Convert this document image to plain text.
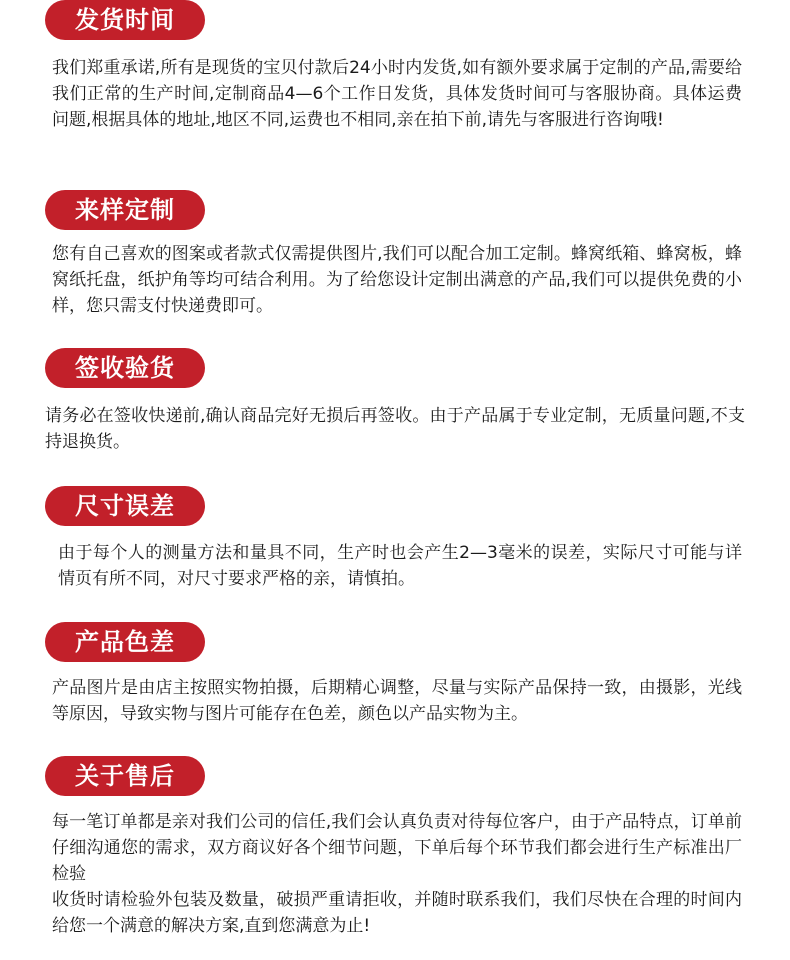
发货时间

我们郑重承诺,所有是现货的宝贝付款后24小时内发货,如有额外要求属于定制的产品,需要给我们正常的生产时间,定制商品4—6个工作日发货，具体发货时间可与客服协商。具体运费问题,根据具体的地址,地区不同,运费也不相同,亲在拍下前,请先与客服进行咨询哦!

来样定制

您有自己喜欢的图案或者款式仅需提供图片,我们可以配合加工定制。蜂窝纸箱、蜂窝板，蜂窝纸托盘，纸护角等均可结合利用。为了给您设计定制出满意的产品,我们可以提供免费的小样，您只需支付快递费即可。

签收验货

请务必在签收快递前,确认商品完好无损后再签收。由于产品属于专业定制，无质量问题,不支持退换货。

尺寸误差

由于每个人的测量方法和量具不同，生产时也会产生2—3毫米的误差，实际尺寸可能与详情页有所不同，对尺寸要求严格的亲，请慎拍。

产品色差

产品图片是由店主按照实物拍摄，后期精心调整，尽量与实际产品保持一致，由摄影，光线等原因，导致实物与图片可能存在色差，颜色以产品实物为主。

关于售后

每一笔订单都是亲对我们公司的信任,我们会认真负责对待每位客户，由于产品特点，订单前仔细沟通您的需求，双方商议好各个细节问题，下单后每个环节我们都会进行生产标准出厂检验

收货时请检验外包装及数量，破损严重请拒收，并随时联系我们，我们尽快在合理的时间内给您一个满意的解决方案,直到您满意为止!
